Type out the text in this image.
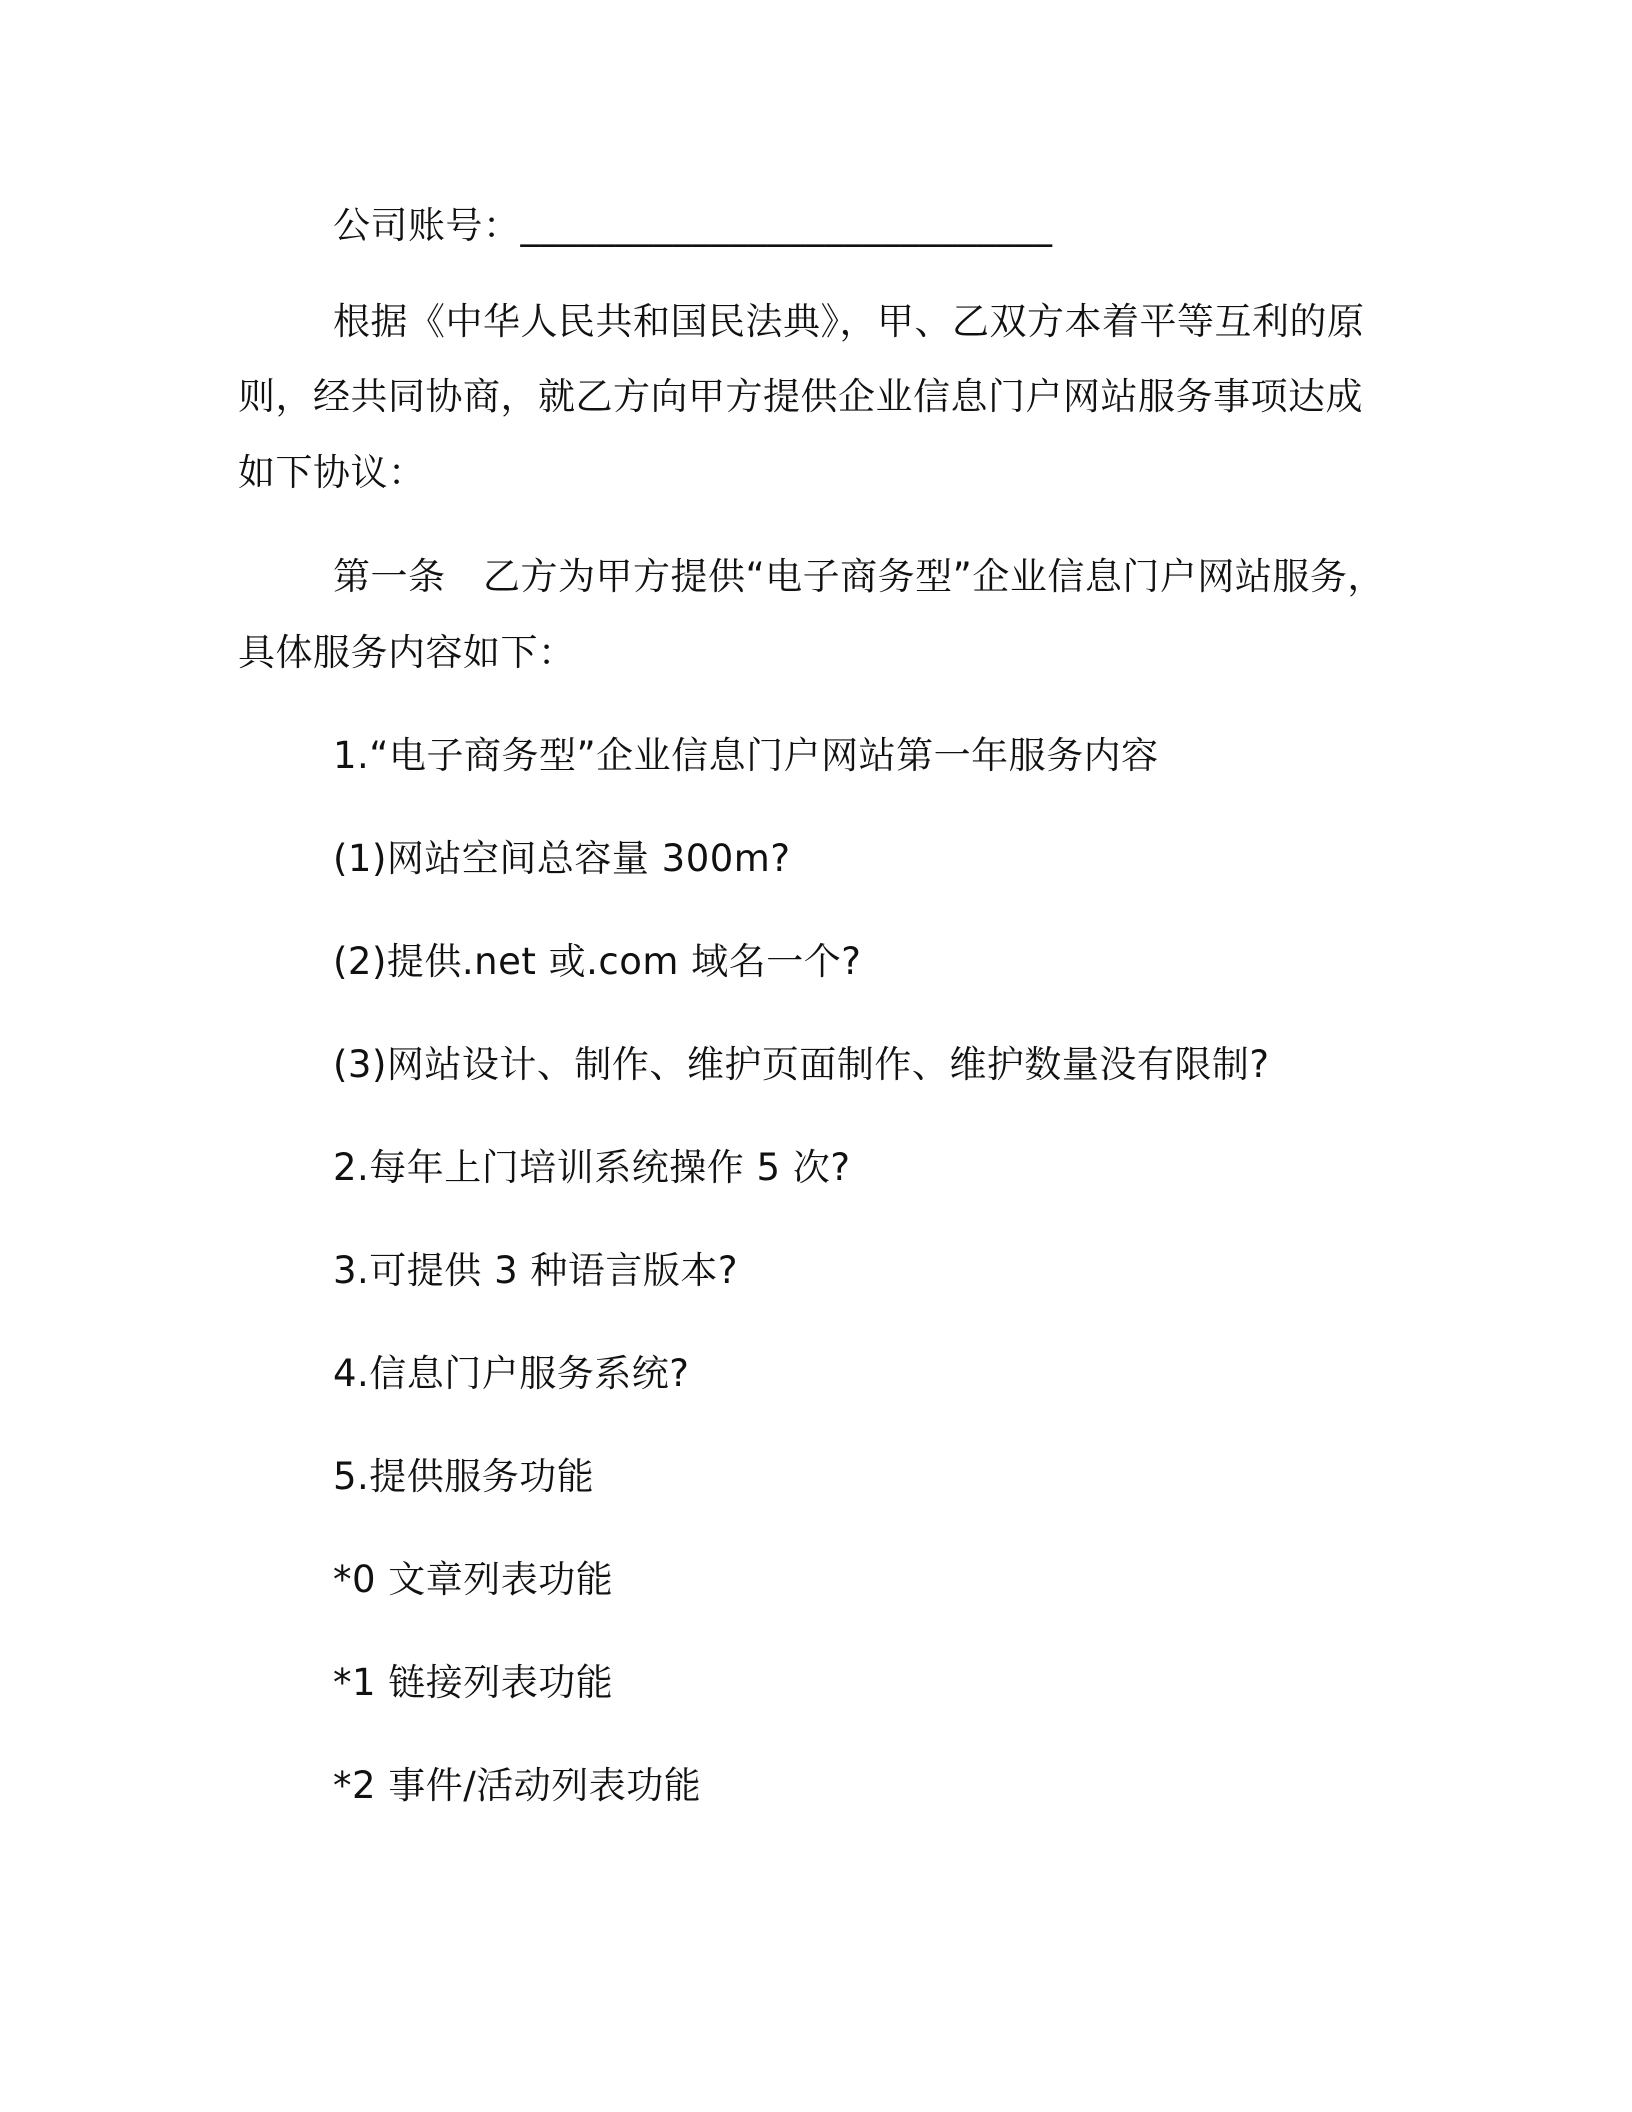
公司账号：____________________________
根据《中华人民共和国民法典》，甲、乙双方本着平等互利的原
则，经共同协商，就乙方向甲方提供企业信息门户网站服务事项达成
如下协议：
第一条　乙方为甲方提供“电子商务型”企业信息门户网站服务，
具体服务内容如下：
1.“电子商务型”企业信息门户网站第一年服务内容
(1)网站空间总容量 300m?
(2)提供.net 或.com 域名一个?
(3)网站设计、制作、维护页面制作、维护数量没有限制?
2.每年上门培训系统操作 5 次?
3.可提供 3 种语言版本?
4.信息门户服务系统?
5.提供服务功能
*0 文章列表功能
*1 链接列表功能
*2 事件/活动列表功能
